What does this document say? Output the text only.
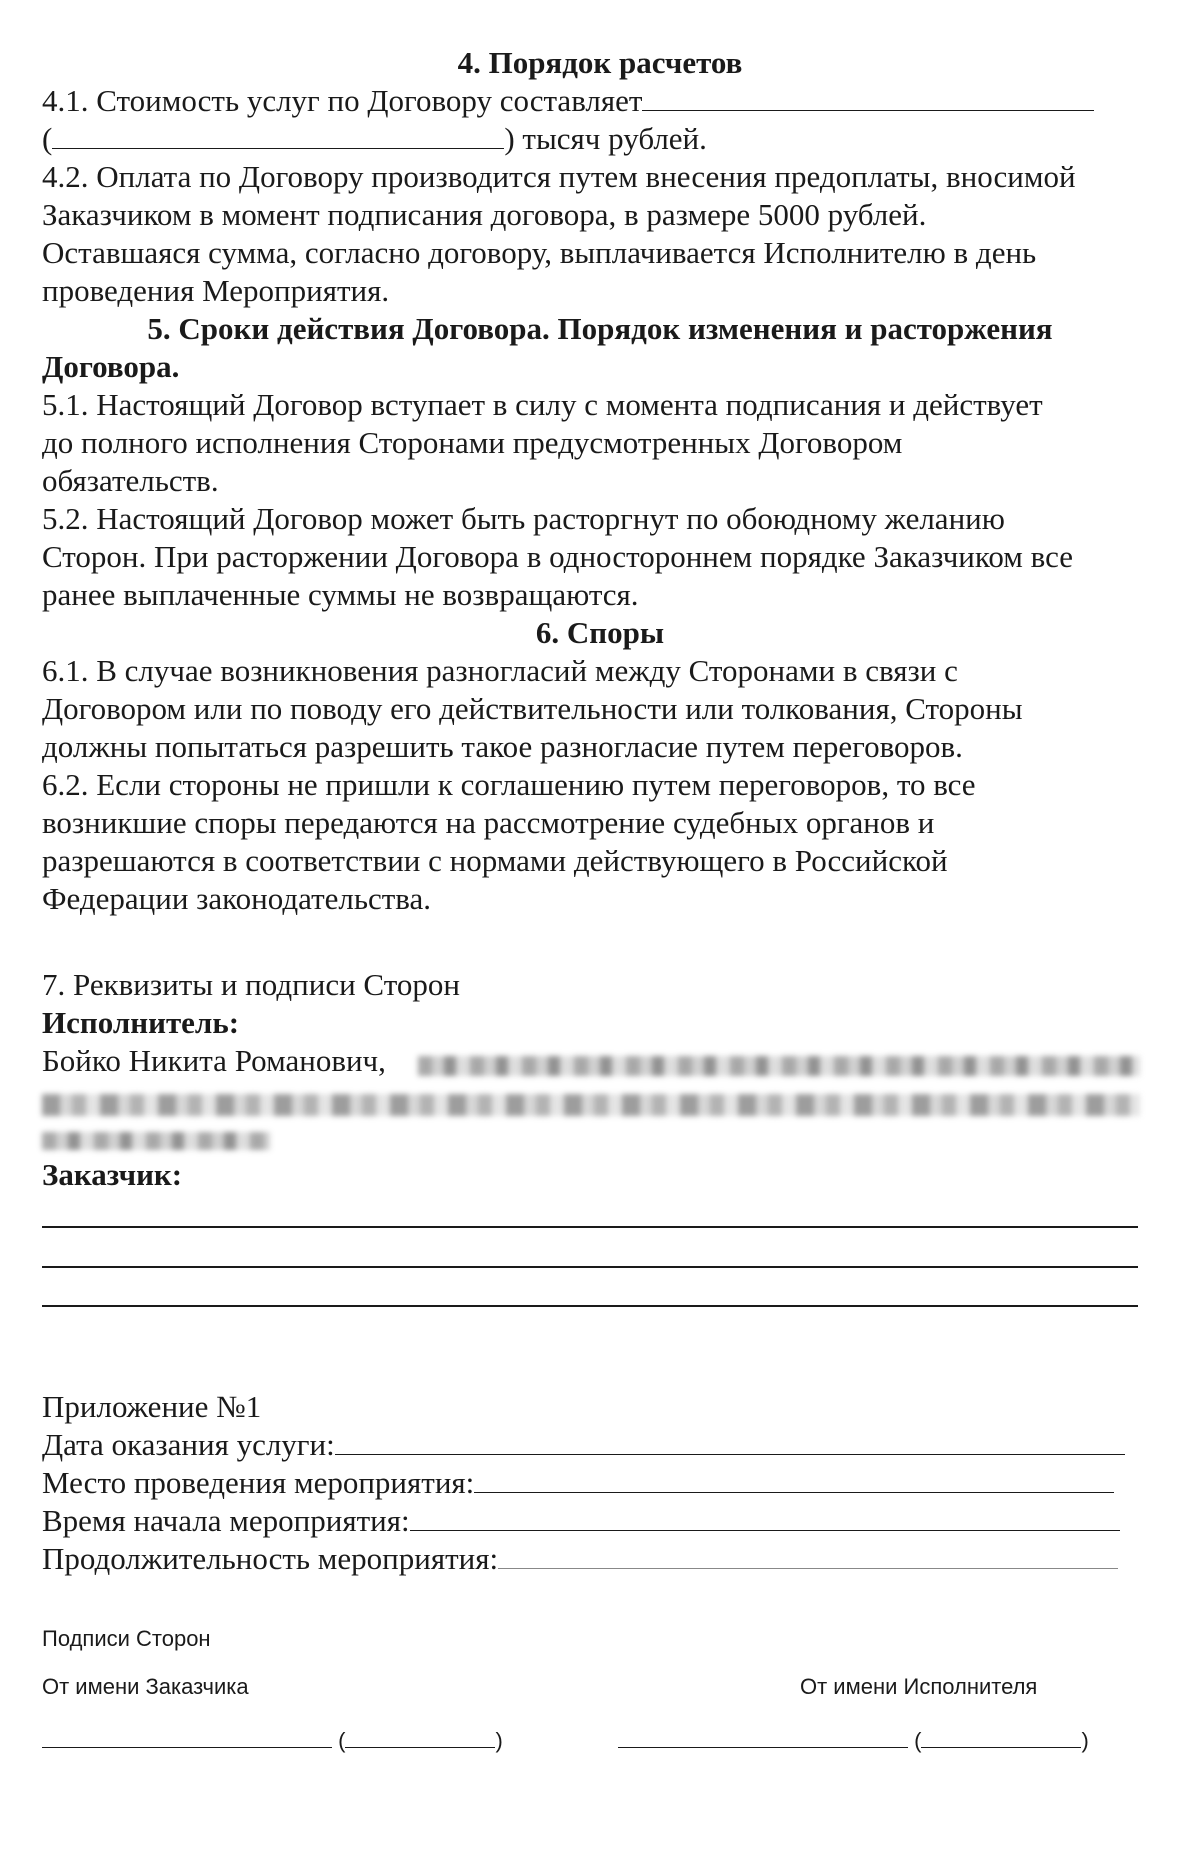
4. Порядок расчетов
4.1. Стоимость услуг по Договору составляет
(	) тысяч рублей.
4.2. Оплата по Договору производится путем внесения предоплаты, вносимой
Заказчиком в момент подписания договора, в размере 5000 рублей.
Оставшаяся сумма, согласно договору, выплачивается Исполнителю в день
проведения Мероприятия.
5. Сроки действия Договора. Порядок изменения и расторжения
Договора.
5.1. Настоящий Договор вступает в силу с момента подписания и действует
до полного исполнения Сторонами предусмотренных Договором
обязательств.
5.2. Настоящий Договор может быть расторгнут по обоюдному желанию
Сторон. При расторжении Договора в одностороннем порядке Заказчиком все
ранее выплаченные суммы не возвращаются.
6. Споры
6.1. В случае возникновения разногласий между Сторонами в связи с
Договором или по поводу его действительности или толкования, Стороны
должны попытаться разрешить такое разногласие путем переговоров.
6.2. Если стороны не пришли к соглашению путем переговоров, то все
возникшие споры передаются на рассмотрение судебных органов и
разрешаются в соответствии с нормами действующего в Российской
Федерации законодательства.
7. Реквизиты и подписи Сторон
Исполнитель:
Бойко Никита Романович,
Заказчик:
Приложение №1
Дата оказания услуги:
Место проведения мероприятия:
Время начала мероприятия:
Продолжительность мероприятия:
Подписи Сторон
От имени Заказчика	От имени Исполнителя
(	)	(	)
